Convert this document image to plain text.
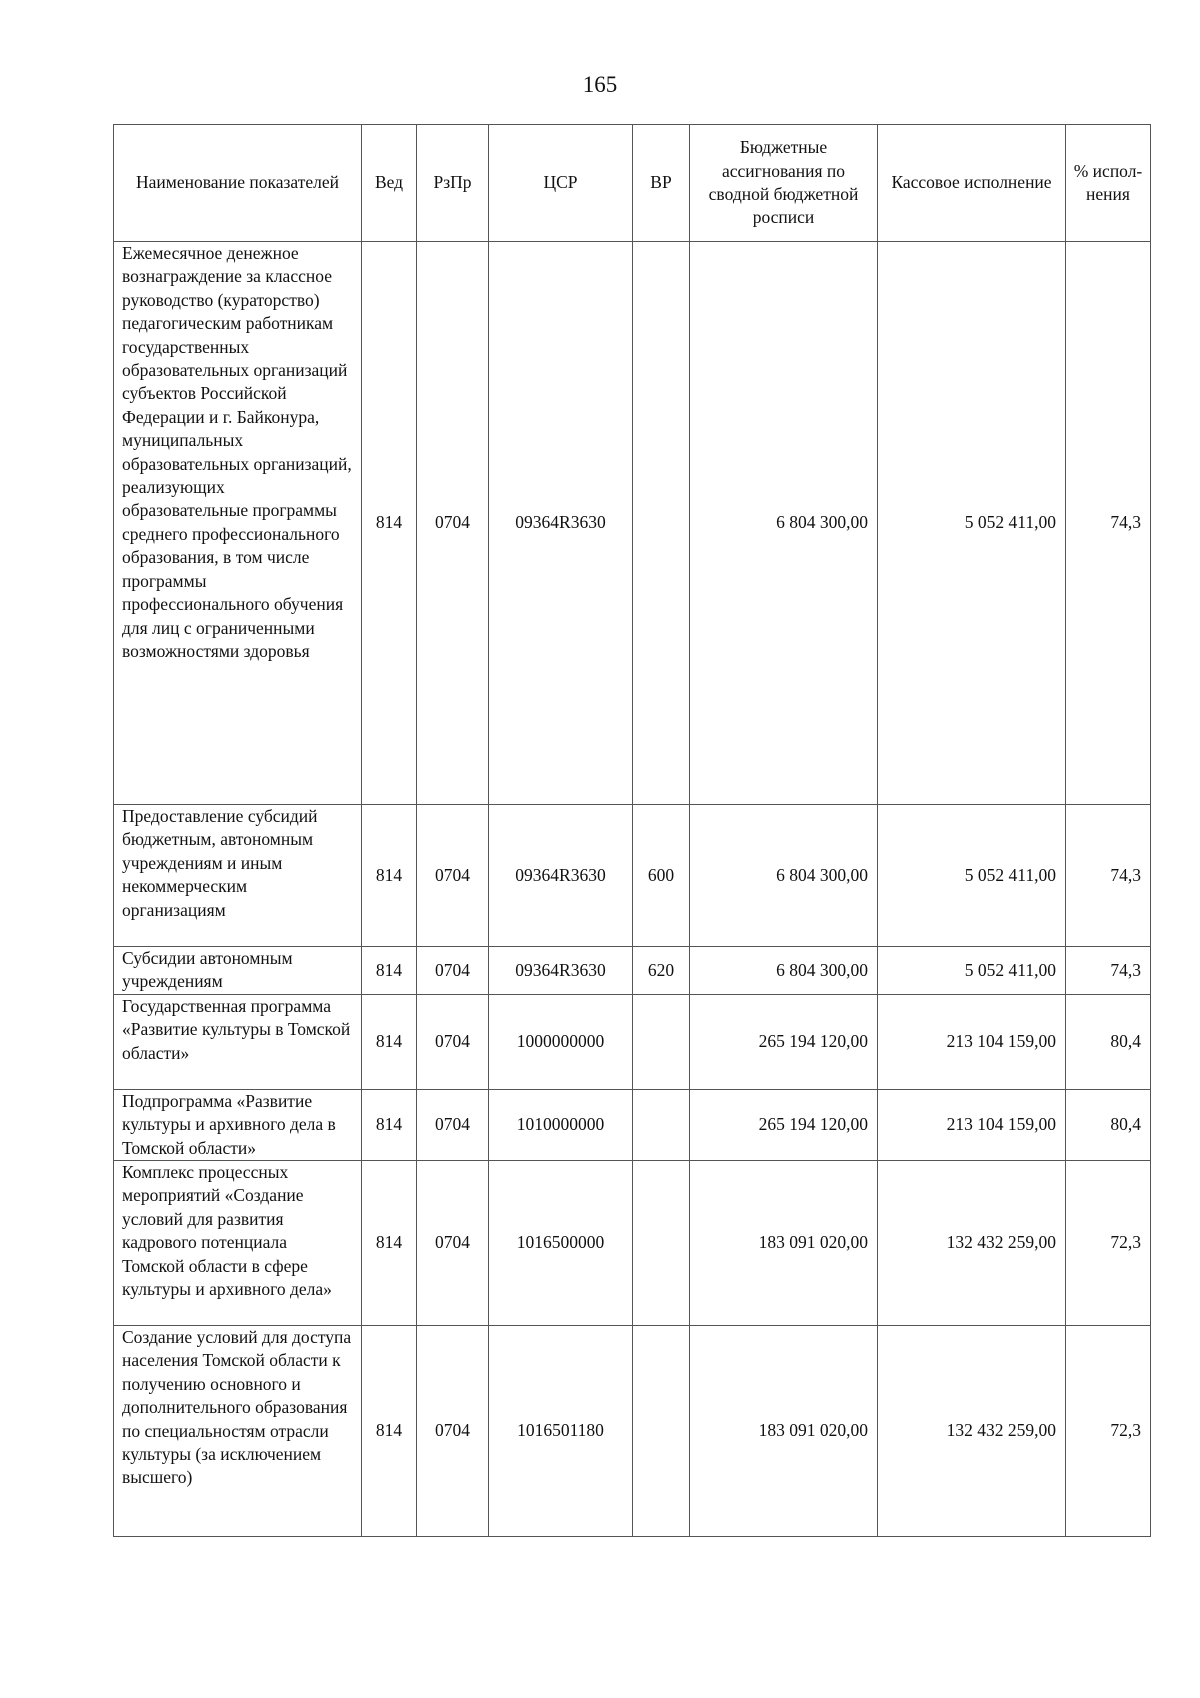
165
Наименование показателей	Вед	РзПр	ЦСР	ВР	Бюджетные ассигнования по сводной бюджетной росписи	Кассовое исполнение	% испол-нения
Ежемесячное денежное вознаграждение за классное руководство (кураторство) педагогическим работникам государственных образовательных организаций субъектов Российской Федерации и г. Байконура, муниципальных образовательных организаций, реализующих образовательные программы среднего профессионального образования, в том числе программы профессионального обучения для лиц с ограниченными возможностями здоровья	814	0704	09364R3630		6 804 300,00	5 052 411,00	74,3
Предоставление субсидий бюджетным, автономным учреждениям и иным некоммерческим организациям	814	0704	09364R3630	600	6 804 300,00	5 052 411,00	74,3
Субсидии автономным учреждениям	814	0704	09364R3630	620	6 804 300,00	5 052 411,00	74,3
Государственная программа «Развитие культуры в Томской области»	814	0704	1000000000		265 194 120,00	213 104 159,00	80,4
Подпрограмма «Развитие культуры и архивного дела в Томской области»	814	0704	1010000000		265 194 120,00	213 104 159,00	80,4
Комплекс процессных мероприятий «Создание условий для развития кадрового потенциала Томской области в сфере культуры и архивного дела»	814	0704	1016500000		183 091 020,00	132 432 259,00	72,3
Создание условий для доступа населения Томской области к получению основного и дополнительного образования по специальностям отрасли культуры (за исключением высшего)	814	0704	1016501180		183 091 020,00	132 432 259,00	72,3
